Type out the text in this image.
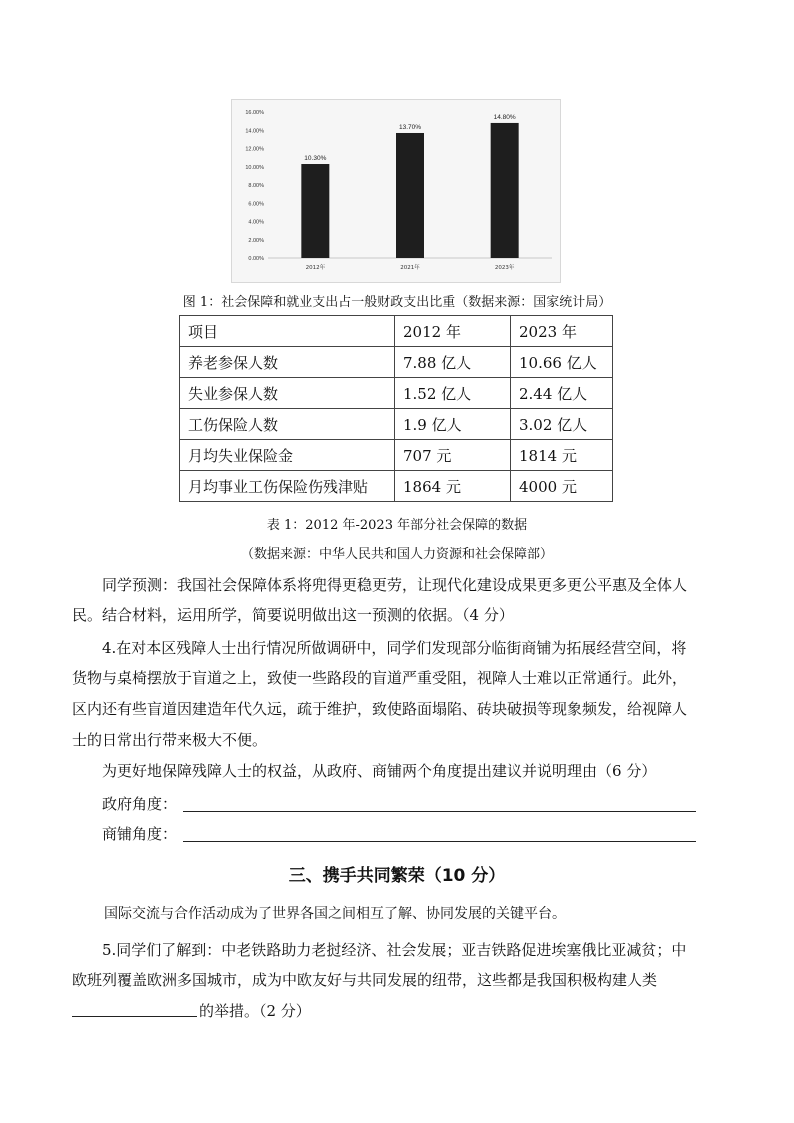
0.00%
2.00%
4.00%
6.00%
8.00%
10.00%
12.00%
14.00%
16.00%
10.30%
2012年
13.70%
2021年
14.80%
2023年
图 1：社会保障和就业支出占一般财政支出比重（数据来源：国家统计局）
项目	2012 年	2023 年
养老参保人数	7.88 亿人	10.66 亿人
失业参保人数	1.52 亿人	2.44 亿人
工伤保险人数	1.9 亿人	3.02 亿人
月均失业保险金	707 元	1814 元
月均事业工伤保险伤残津贴	1864 元	4000 元
表 1：2012 年-2023 年部分社会保障的数据
（数据来源：中华人民共和国人力资源和社会保障部）
同学预测：我国社会保障体系将兜得更稳更劳，让现代化建设成果更多更公平惠及全体人
民。结合材料，运用所学，简要说明做出这一预测的依据。（4 分）
4.在对本区残障人士出行情况所做调研中，同学们发现部分临街商铺为拓展经营空间，将
货物与桌椅摆放于盲道之上，致使一些路段的盲道严重受阻，视障人士难以正常通行。此外，
区内还有些盲道因建造年代久远，疏于维护，致使路面塌陷、砖块破损等现象频发，给视障人
士的日常出行带来极大不便。
为更好地保障残障人士的权益，从政府、商铺两个角度提出建议并说明理由（6 分）
政府角度：
商铺角度：
三、携手共同繁荣（10 分）
国际交流与合作活动成为了世界各国之间相互了解、协同发展的关键平台。
5.同学们了解到：中老铁路助力老挝经济、社会发展；亚吉铁路促进埃塞俄比亚减贫；中
欧班列覆盖欧洲多国城市，成为中欧友好与共同发展的纽带，这些都是我国积极构建人类
的举措。（2 分）
